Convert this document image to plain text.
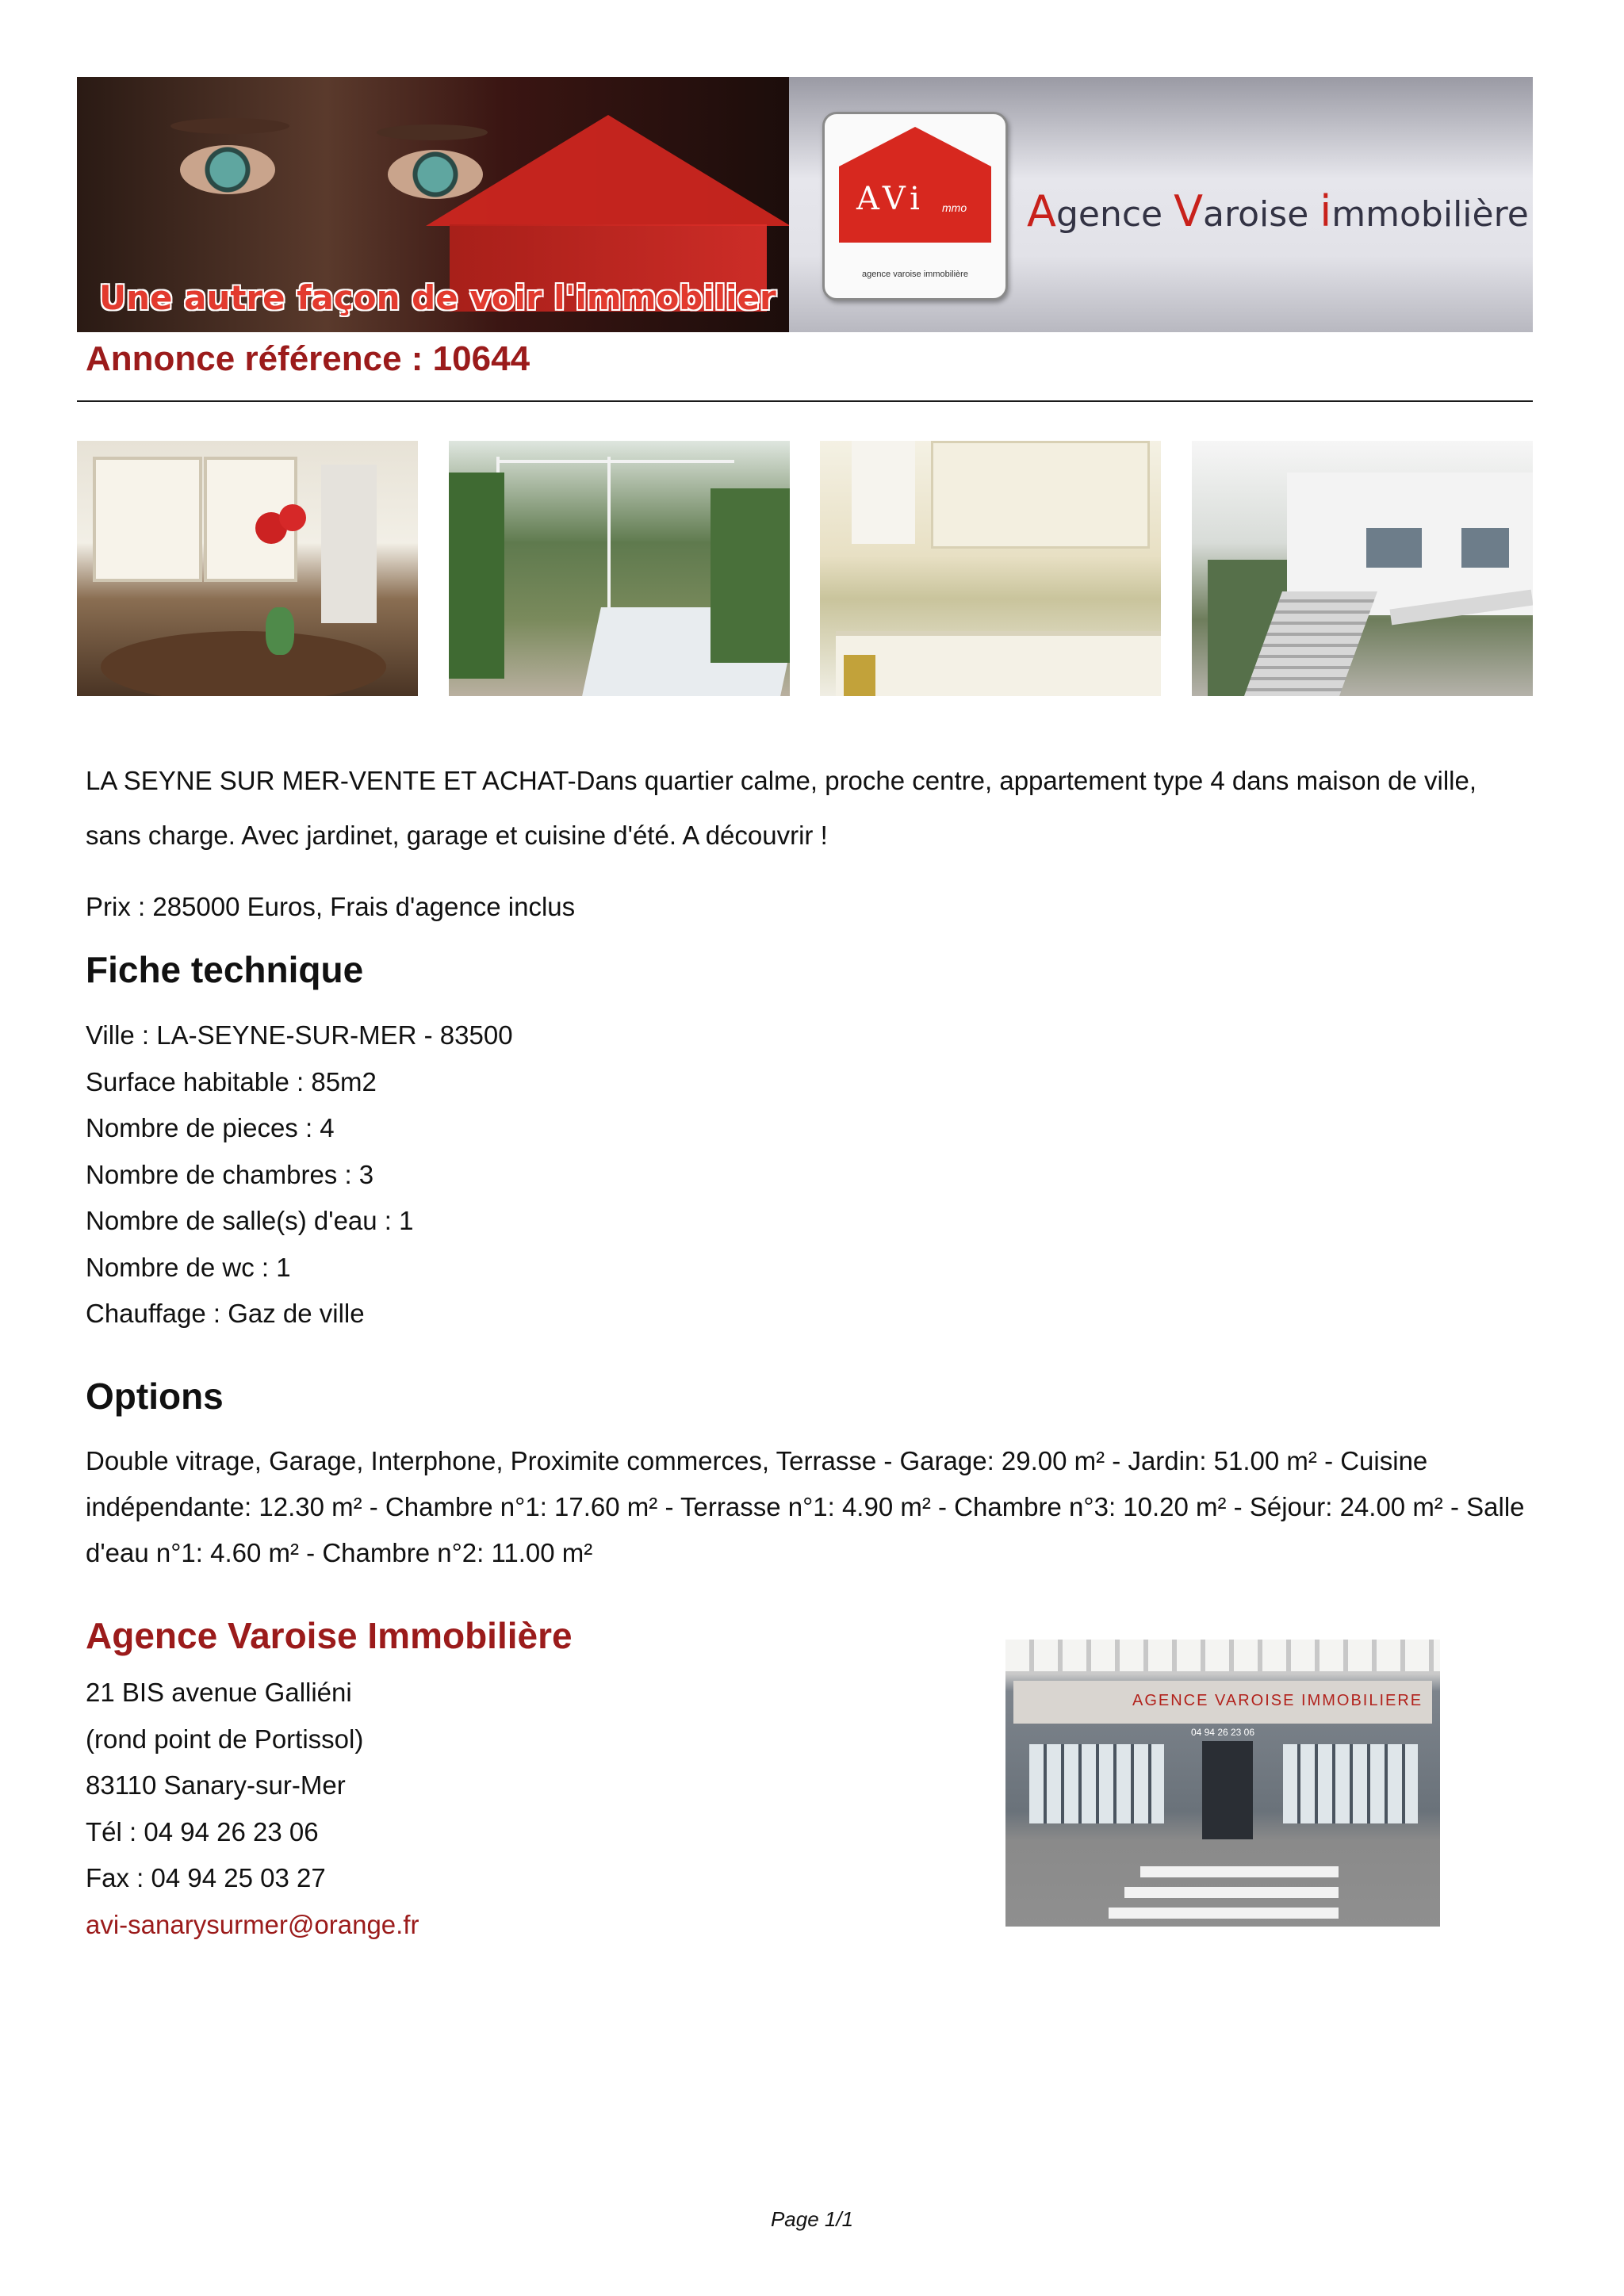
Une autre façon de voir l'immobilier
AVi mmo
agence varoise immobilière
Agence Varoise immobilière
Annonce référence : 10644
LA SEYNE SUR MER-VENTE ET ACHAT-Dans quartier calme, proche centre, appartement type 4 dans maison de ville, sans charge. Avec jardinet, garage et cuisine d'été. A découvrir !
Prix : 285000 Euros, Frais d'agence inclus
Fiche technique
Ville : LA-SEYNE-SUR-MER - 83500
Surface habitable : 85m2
Nombre de pieces : 4
Nombre de chambres : 3
Nombre de salle(s) d'eau : 1
Nombre de wc : 1
Chauffage : Gaz de ville
Options
Double vitrage, Garage, Interphone, Proximite commerces, Terrasse - Garage: 29.00 m² - Jardin: 51.00 m² - Cuisine indépendante: 12.30 m² - Chambre n°1: 17.60 m² - Terrasse n°1: 4.90 m² - Chambre n°3: 10.20 m² - Séjour: 24.00 m² - Salle d'eau n°1: 4.60 m² - Chambre n°2: 11.00 m²
Agence Varoise Immobilière
21 BIS avenue Galliéni
(rond point de Portissol)
83110 Sanary-sur-Mer
Tél : 04 94 26 23 06
Fax : 04 94 25 03 27
avi-sanarysurmer@orange.fr
AGENCE VAROISE IMMOBILIERE
04 94 26 23 06
Page 1/1
